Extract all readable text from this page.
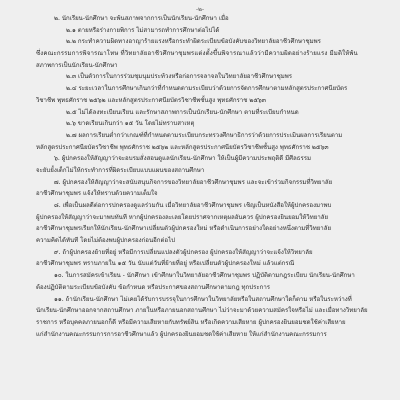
-๒-
๒. นักเรียน-นักศึกษา จะพ้นสภาพจากการเป็นนักเรียน-นักศึกษา เมื่อ
๒.๑ ตายหรือร่างกายพิการ ไม่สามารถทำการศึกษาต่อไปได้
๒.๒ กระทำความผิดทางอาญาร้ายแรงหรือกระทำผิดระเบียบข้อบังคับของวิทยาลัยอาชีวศึกษาชุมพร
ซึ่งคณะกรรมการพิจารณาโทษ ที่วิทยาลัยอาชีวศึกษาชุมพรแต่งตั้งขึ้นพิจารณาแล้วว่ามีความผิดอย่างร้ายแรง มีมติให้พ้น
สภาพการเป็นนักเรียน-นักศึกษา
๒.๓ เป็นตัวการในการร่วมชุมนุมประท้วงหรือก่อการจลาจลในวิทยาลัยอาชีวศึกษาชุมพร
๒.๔ ระยะเวลาในการศึกษาเกินกว่าที่กำหนดตามระเบียบว่าด้วยการจัดการศึกษาตามหลักสูตรประกาศนียบัตร
วิชาชีพ พุทธศักราช ๒๕๖๒ และหลักสูตรประกาศนียบัตรวิชาชีพชั้นสูง พุทธศักราช ๒๕๖๓
๒.๕ ไม่ได้ลงทะเบียนเรียน และรักษาสภาพการเป็นนักเรียน-นักศึกษา ตามที่ระเบียบกำหนด
๒.๖ ขาดเรียนเกินกว่า ๑๕ วัน โดยไม่ทราบสาเหตุ
๒.๗ ผลการเรียนต่ำกว่าเกณฑ์ที่กำหนดตามระเบียบกระทรวงศึกษาธิการว่าด้วยการประเมินผลการเรียนตาม
หลักสูตรประกาศนียบัตรวิชาชีพ พุทธศักราช ๒๕๖๒ และหลักสูตรประกาศนียบัตรวิชาชีพชั้นสูง พุทธศักราช ๒๕๖๓
๖. ผู้ปกครองให้สัญญาว่าจะอบรมสั่งสอนดูแลนักเรียน-นักศึกษา ให้เป็นผู้มีความประพฤติดี มีศีลธรรม
จะยับยั้งเด็กไม่ให้กระทำการที่ผิดระเบียบแบบแผนของสถานศึกษา
๗. ผู้ปกครองให้สัญญาว่าจะสนับสนุนกิจการของวิทยาลัยอาชีวศึกษาชุมพร และจะเข้าร่วมกิจกรรมที่วิทยาลัย
อาชีวศึกษาชุมพร แจ้งให้ทราบด้วยความเต็มใจ
๘. เพื่อเป็นผลดีต่อการปกครองดูแลร่วมกัน เมื่อวิทยาลัยอาชีวศึกษาชุมพร เชิญเป็นหนังสือให้ผู้ปกครองมาพบ
ผู้ปกครองให้สัญญาว่าจะมาพบทันที หากผู้ปกครองละเลยโดยปราศจากเหตุผลอันควร ผู้ปกครองยินยอมให้วิทยาลัย
อาชีวศึกษาชุมพรเรียกให้นักเรียน-นักศึกษาเปลี่ยนตัวผู้ปกครองใหม่ หรือดำเนินการอย่างใดอย่างหนึ่งตามที่วิทยาลัย
ความคิดได้ทันที โดยไม่ต้องพบผู้ปกครองก่อนอีกต่อไป
๙. ถ้าผู้ปกครองย้ายที่อยู่ หรือมีการเปลี่ยนแปลงตัวผู้ปกครอง ผู้ปกครองให้สัญญาว่าจะแจ้งให้วิทยาลัย
อาชีวศึกษาชุมพร ทราบภายใน ๑๕ วัน นับแต่วันที่ย้ายที่อยู่ หรือเปลี่ยนตัวผู้ปกครองใหม่ แล้วแต่กรณี
๑๐. ในการสมัครเข้าเรียน - นักศึกษา เข้าศึกษาในวิทยาลัยอาชีวศึกษาชุมพร ปฏิบัติตามกฎระเบียบ นักเรียน-นักศึกษา
ต้องปฏิบัติตามระเบียบข้อบังคับ ข้อกำหนด หรือประกาศของสถานศึกษาตามกฎ ทุกประการ
๑๑. ถ้านักเรียน-นักศึกษา ไม่เคยได้รับการบรรจุในการศึกษาในวิทยาลัยหรือในสถานศึกษาใดก็ตาม หรือในระหว่างที่
นักเรียน-นักศึกษาออกจากสถานศึกษา ภายในหรือภายนอกสถานศึกษา ไม่ว่าจะมาด้วยความสมัครใจหรือไม่ และเมื่อทางวิทยาลัย
ราชการ หรือบุคคลภายนอกก็ดี หรือมีความเสียหายกับทรัพย์สิน หรือเกิดความเสียหาย ผู้ปกครองยินยอมชดใช้ค่าเสียหาย
แก่สำนักงานคณะกรรมการการอาชีวศึกษาแล้ว ผู้ปกครองยินยอมชดใช้ค่าเสียหาย ให้แก่สำนักงานคณะกรรมการ
